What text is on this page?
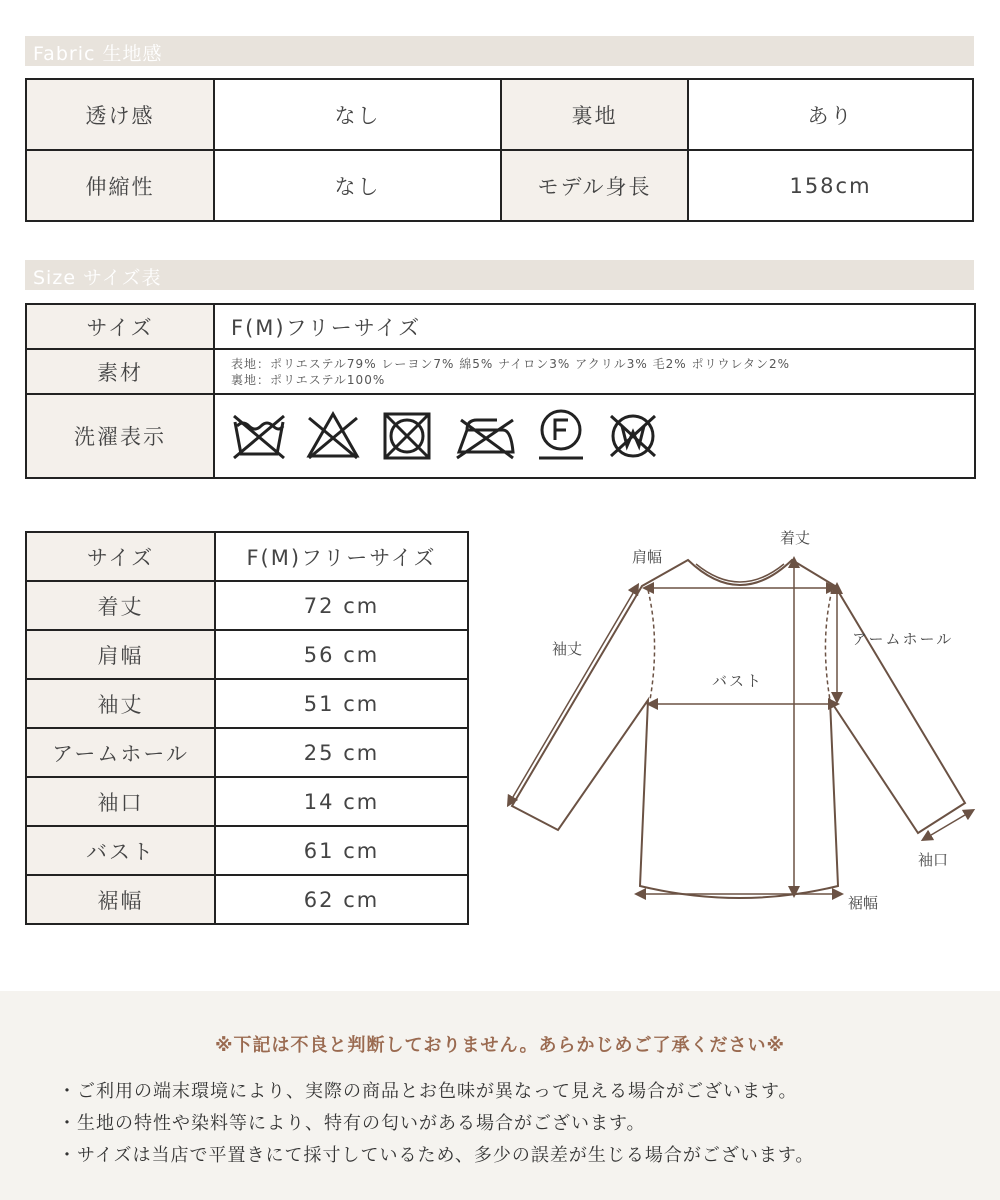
Fabric 生地感
透け感	なし	裏地	あり
伸縮性	なし	モデル身長	158cm
Size サイズ表
サイズ	F(M)フリーサイズ
素材	表地：ポリエステル79% レーヨン7% 綿5% ナイロン3% アクリル3% 毛2% ポリウレタン2%
裏地：ポリエステル100%

洗濯表示	
サイズ	F(M)フリーサイズ
着丈	72 cm
肩幅	56 cm
袖丈	51 cm
アームホール	25 cm
袖口	14 cm
バスト	61 cm
裾幅	62 cm
着丈
肩幅
袖丈
アームホール
バスト
袖口
裾幅
※下記は不良と判断しておりません。あらかじめご了承ください※
・ご利用の端末環境により、実際の商品とお色味が異なって見える場合がございます。
・生地の特性や染料等により、特有の匂いがある場合がございます。
・サイズは当店で平置きにて採寸しているため、多少の誤差が生じる場合がございます。
